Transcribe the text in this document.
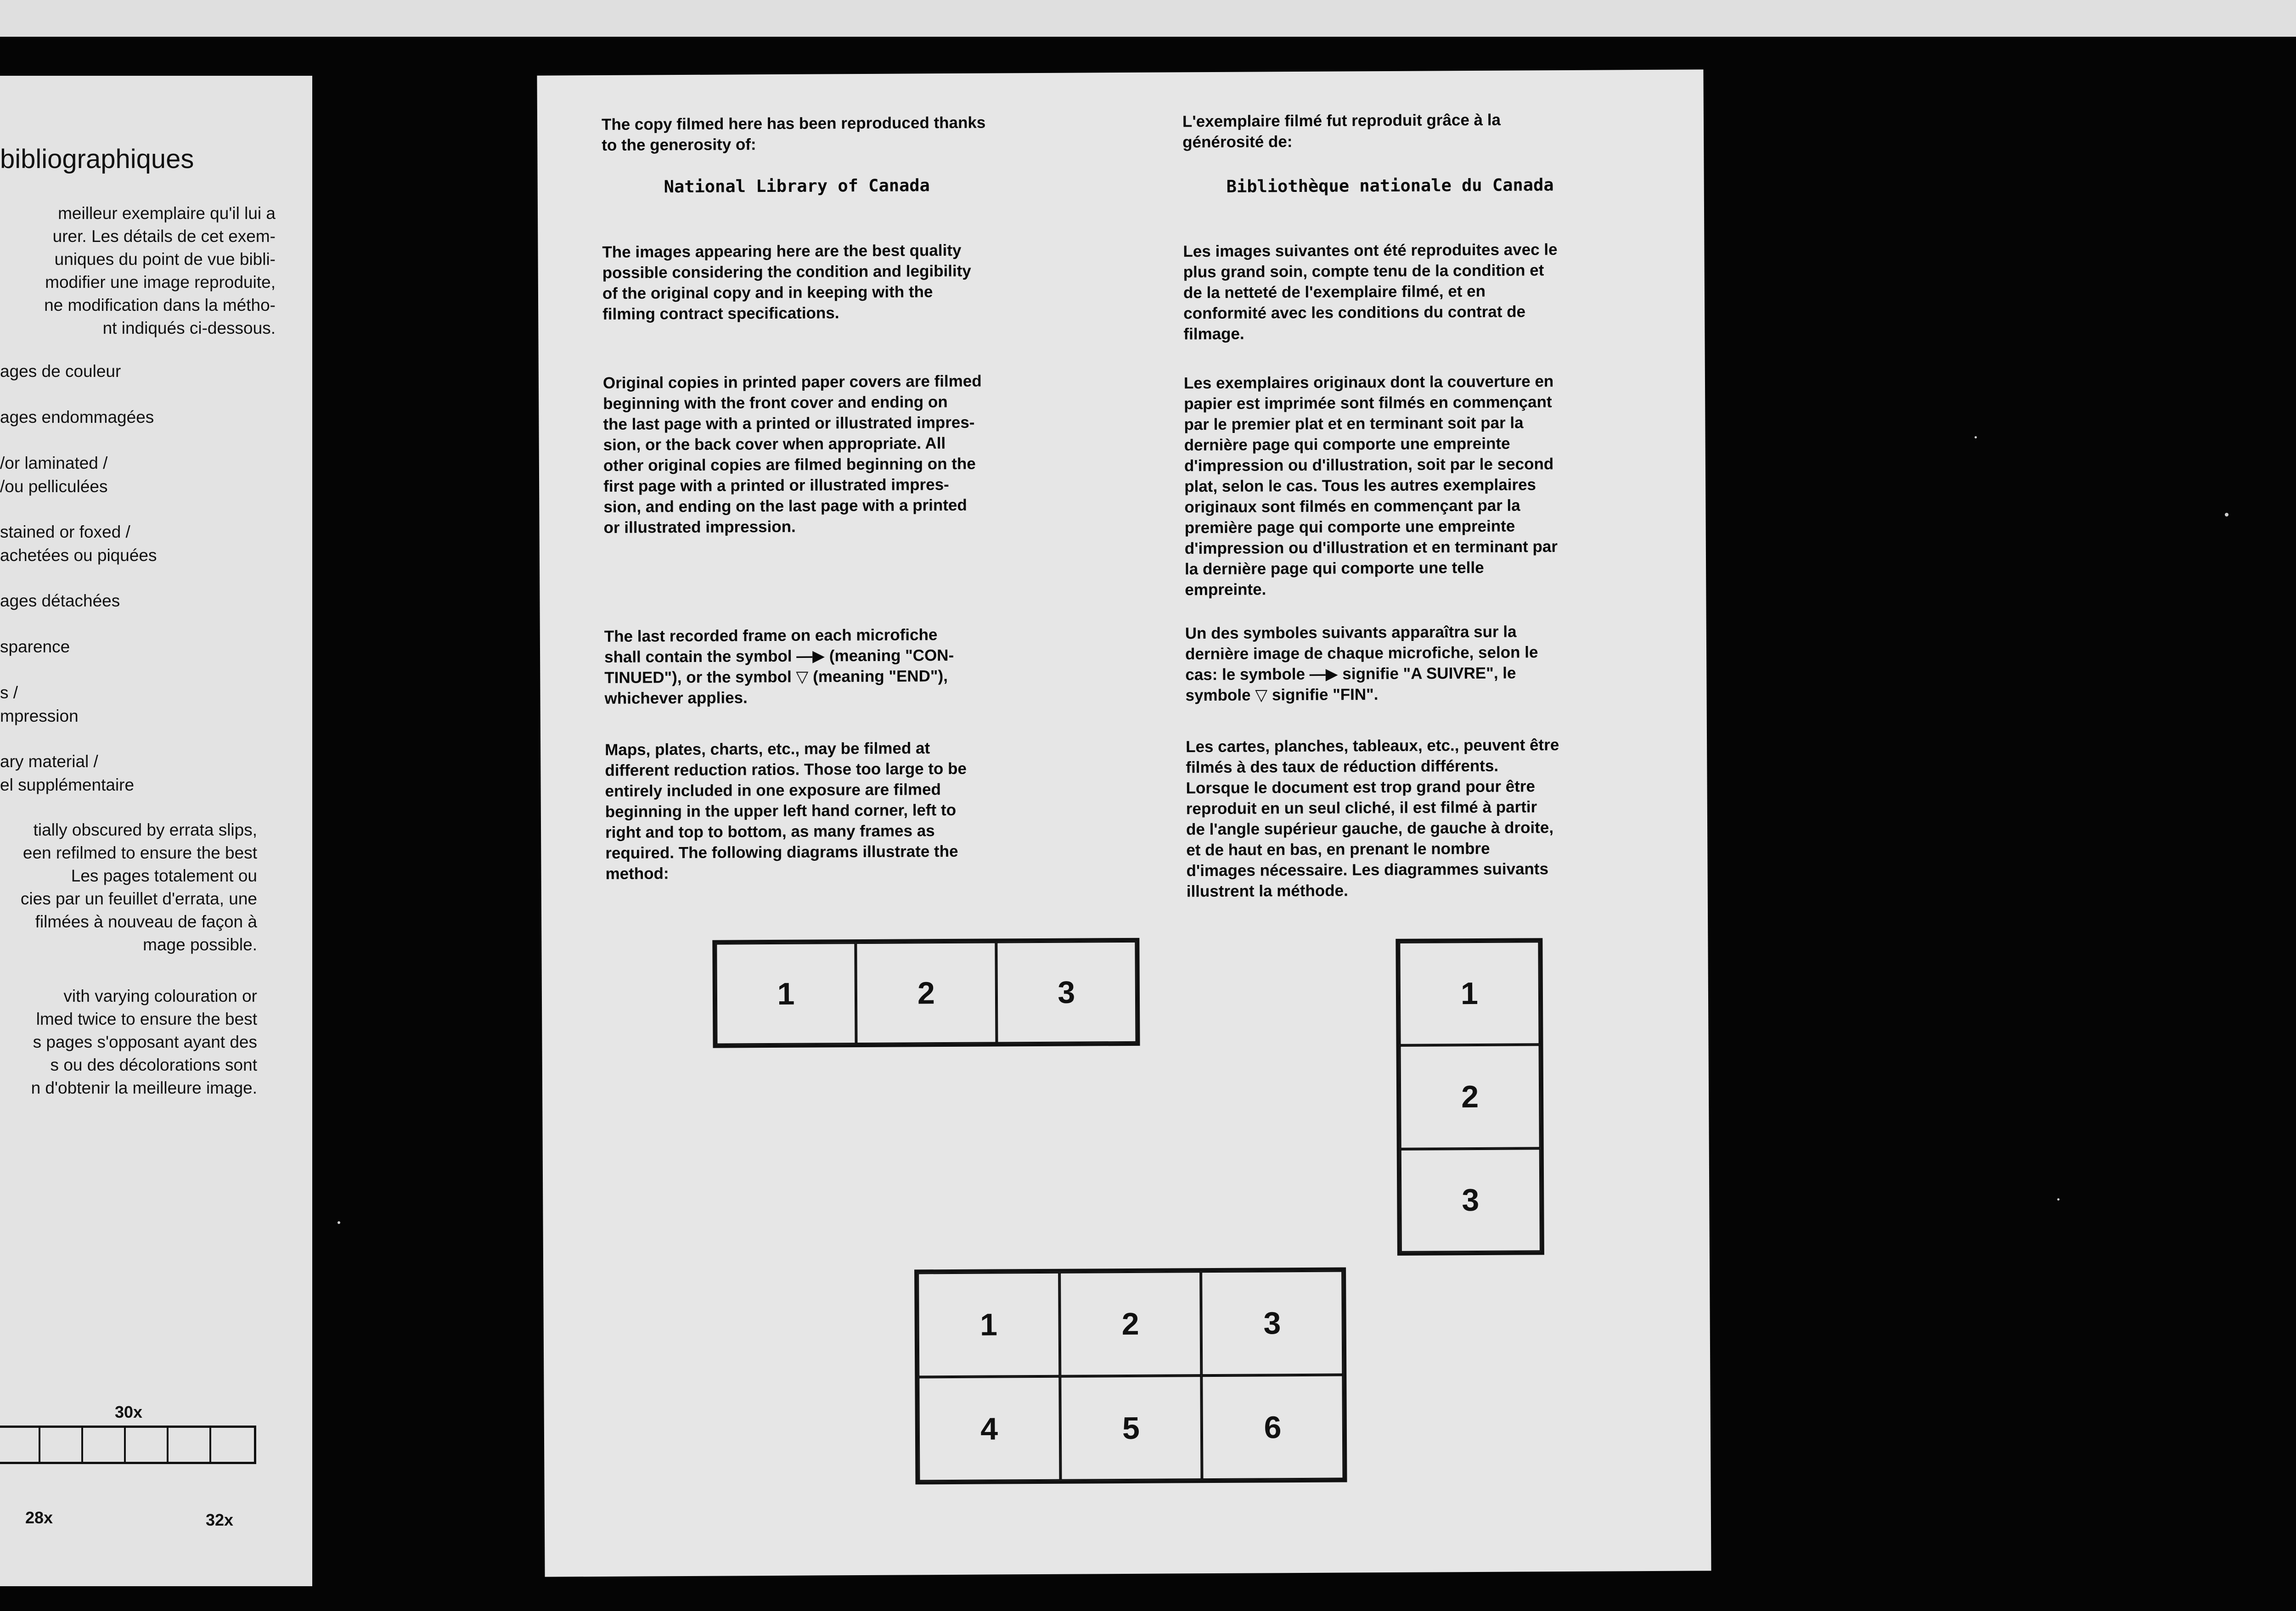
bibliographiques
meilleur exemplaire qu'il lui a
urer. Les détails de cet exem-
uniques du point de vue bibli-
modifier une image reproduite,
ne modification dans la métho-
nt indiqués ci-dessous.
ages de couleur
ages endommagées
/or laminated /
/ou pelliculées
stained or foxed /
achetées ou piquées
ages détachées
sparence
s /
mpression
ary material /
el supplémentaire
tially obscured by errata slips,
een refilmed to ensure the best
Les pages totalement ou
cies par un feuillet d'errata, une
filmées à nouveau de façon à
mage possible.
vith varying colouration or
lmed twice to ensure the best
s pages s'opposant ayant des
s ou des décolorations sont
n d'obtenir la meilleure image.
30x
28x	32x
The copy filmed here has been reproduced thanks
to the generosity of:
National Library of Canada
The images appearing here are the best quality
possible considering the condition and legibility
of the original copy and in keeping with the
filming contract specifications.
Original copies in printed paper covers are filmed
beginning with the front cover and ending on
the last page with a printed or illustrated impres-
sion, or the back cover when appropriate. All
other original copies are filmed beginning on the
first page with a printed or illustrated impres-
sion, and ending on the last page with a printed
or illustrated impression.
The last recorded frame on each microfiche
shall contain the symbol —▶ (meaning "CON-
TINUED"), or the symbol ▽ (meaning "END"),
whichever applies.
Maps, plates, charts, etc., may be filmed at
different reduction ratios. Those too large to be
entirely included in one exposure are filmed
beginning in the upper left hand corner, left to
right and top to bottom, as many frames as
required. The following diagrams illustrate the
method:
L'exemplaire filmé fut reproduit grâce à la
générosité de:
Bibliothèque nationale du Canada
Les images suivantes ont été reproduites avec le
plus grand soin, compte tenu de la condition et
de la netteté de l'exemplaire filmé, et en
conformité avec les conditions du contrat de
filmage.
Les exemplaires originaux dont la couverture en
papier est imprimée sont filmés en commençant
par le premier plat et en terminant soit par la
dernière page qui comporte une empreinte
d'impression ou d'illustration, soit par le second
plat, selon le cas. Tous les autres exemplaires
originaux sont filmés en commençant par la
première page qui comporte une empreinte
d'impression ou d'illustration et en terminant par
la dernière page qui comporte une telle
empreinte.
Un des symboles suivants apparaîtra sur la
dernière image de chaque microfiche, selon le
cas: le symbole —▶ signifie "A SUIVRE", le
symbole ▽ signifie "FIN".
Les cartes, planches, tableaux, etc., peuvent être
filmés à des taux de réduction différents.
Lorsque le document est trop grand pour être
reproduit en un seul cliché, il est filmé à partir
de l'angle supérieur gauche, de gauche à droite,
et de haut en bas, en prenant le nombre
d'images nécessaire. Les diagrammes suivants
illustrent la méthode.
1	2	3	1
2
3
1	2	3
4	5	6
